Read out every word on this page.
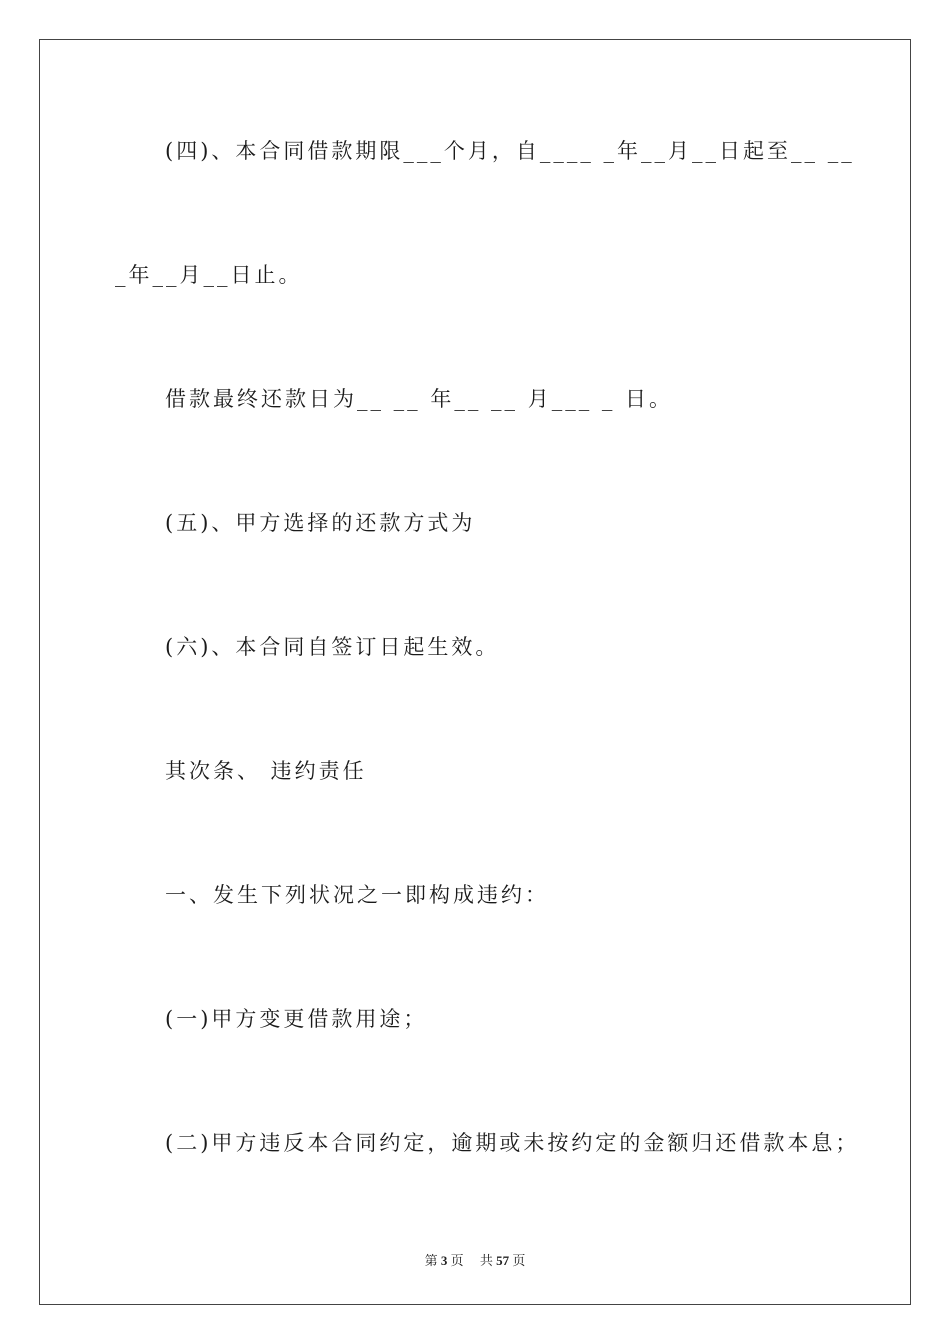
(四)、本合同借款期限___个月，自____ _年__月__日起至__ __
_年__月__日止。
借款最终还款日为__ __ 年__ __ 月___ _ 日。
(五)、甲方选择的还款方式为
(六)、本合同自签订日起生效。
其次条、 违约责任
一、发生下列状况之一即构成违约：
(一)甲方变更借款用途；
(二)甲方违反本合同约定，逾期或未按约定的金额归还借款本息；
第 3 页 共 57 页
